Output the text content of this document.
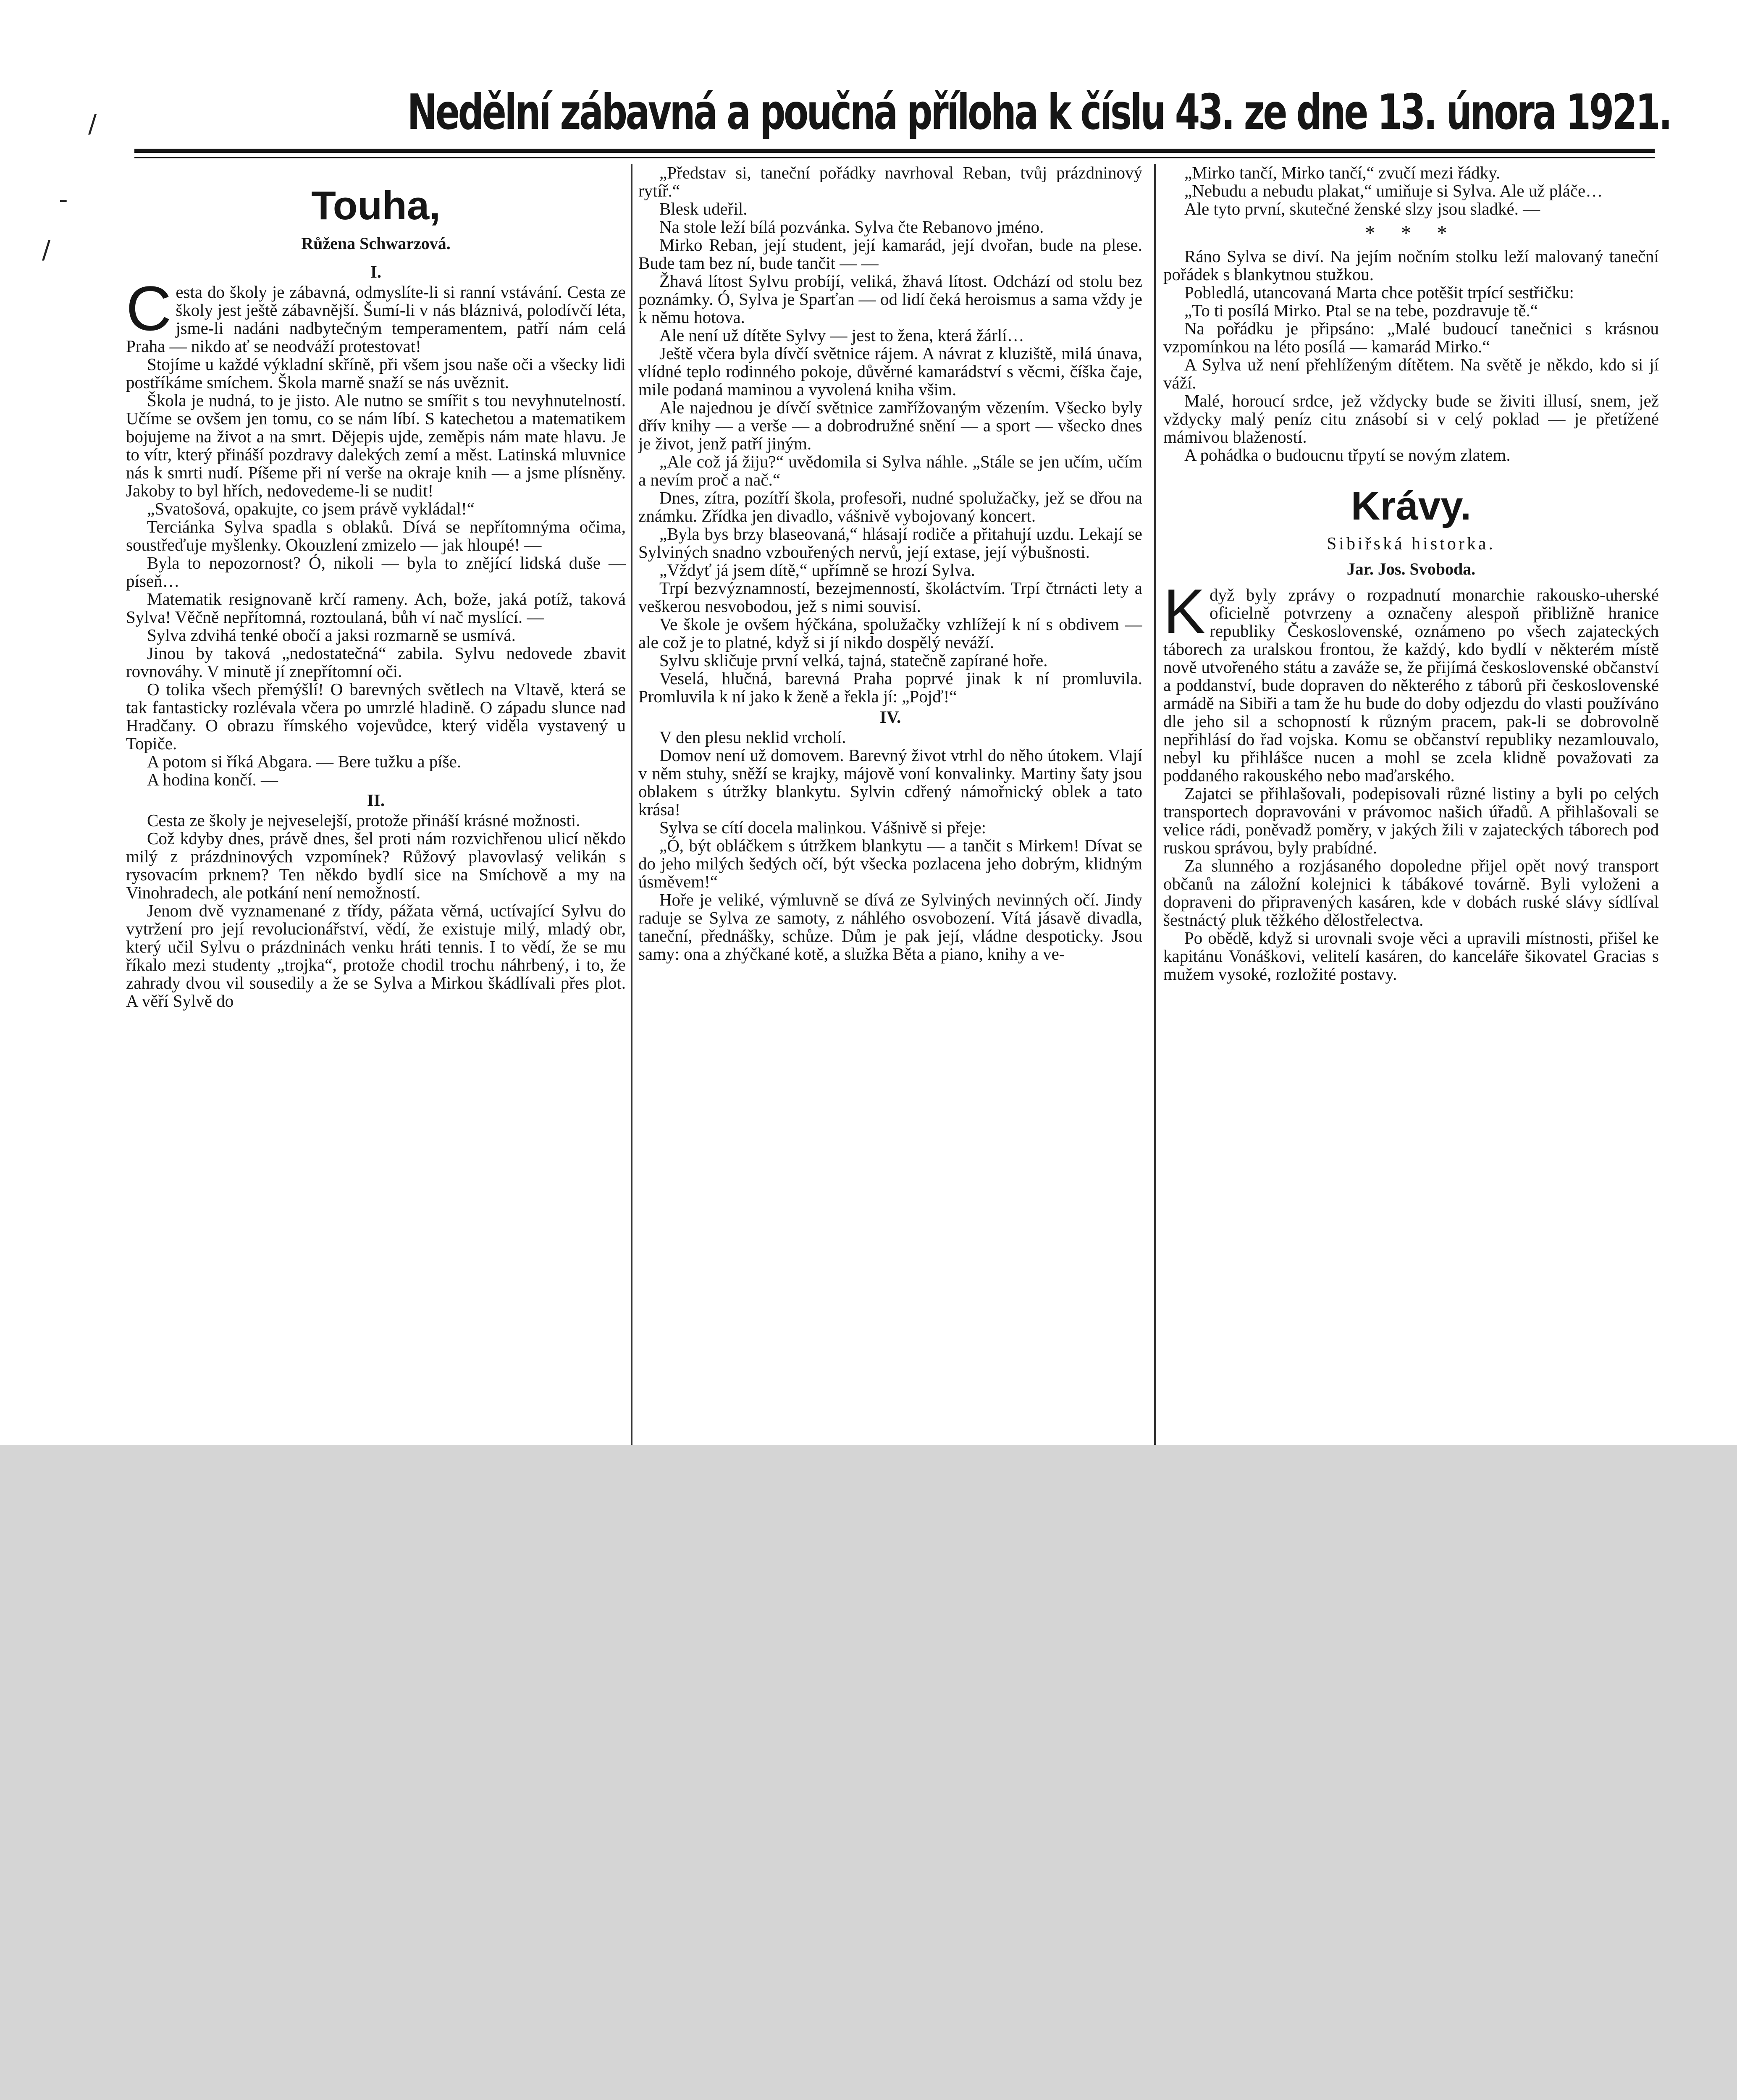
/
-
/
Nedělní zábavná a poučná příloha k číslu 43. ze dne 13. února 1921.
Touha,
Růžena Schwarzová.
I.

Cesta do školy je zábavná, odmyslíte-li si ranní vstávání. Cesta ze školy jest ještě zábavnější. Šumí-li v nás bláznivá, polodívčí léta, jsme-li nadáni nadbytečným temperamentem, patří nám celá Praha — nikdo ať se neodváží protestovat!

Stojíme u každé výkladní skříně, při všem jsou naše oči a všecky lidi postříkáme smíchem. Škola marně snaží se nás uvěznit.

Škola je nudná, to je jisto. Ale nutno se smířit s tou nevyhnutelností. Učíme se ovšem jen tomu, co se nám líbí. S katechetou a matematikem bojujeme na život a na smrt. Dějepis ujde, zeměpis nám mate hlavu. Je to vítr, který přináší pozdravy dalekých zemí a měst. Latinská mluvnice nás k smrti nudí. Píšeme při ní verše na okraje knih — a jsme plísněny. Jakoby to byl hřích, nedovedeme-li se nudit!

„Svatošová, opakujte, co jsem právě vykládal!“

Terciánka Sylva spadla s oblaků. Dívá se nepřítomnýma očima, soustřeďuje myšlenky. Okouzlení zmizelo — jak hloupé! —

Byla to nepozornost? Ó, nikoli — byla to znějící lidská duše — píseň…

Matematik resignovaně krčí rameny. Ach, bože, jaká potíž, taková Sylva! Věčně nepřítomná, roztoulaná, bůh ví nač myslící. —

Sylva zdvihá tenké obočí a jaksi rozmarně se usmívá.

Jinou by taková „nedostatečná“ zabila. Sylvu nedovede zbavit rovnováhy. V minutě jí znepřítomní oči.

O tolika všech přemýšlí! O barevných světlech na Vltavě, která se tak fantasticky rozlévala včera po umrzlé hladině. O západu slunce nad Hradčany. O obrazu římského vojevůdce, který viděla vystavený u Topiče.

A potom si říká Abgara. — Bere tužku a píše.

A hodina končí. —

II.

Cesta ze školy je nejveselejší, protože přináší krásné možnosti.

Což kdyby dnes, právě dnes, šel proti nám rozvichřenou ulicí někdo milý z prázdninových vzpomínek? Růžový plavovlasý velikán s rysovacím prknem? Ten někdo bydlí sice na Smíchově a my na Vinohradech, ale potkání není nemožností.

Jenom dvě vyznamenané z třídy, pážata věrná, uctívající Sylvu do vytržení pro její revolucionářství, vědí, že existuje milý, mladý obr, který učil Sylvu o prázdninách venku hráti tennis. I to vědí, že se mu říkalo mezi studenty „trojka“, protože chodil trochu náhrbený, i to, že zahrady dvou vil sousedily a že se Sylva a Mirkou škádlívali přes plot. A věří Sylvě do

„Představ si, taneční pořádky navrhoval Reban, tvůj prázdninový rytíř.“

Blesk udeřil.

Na stole leží bílá pozvánka. Sylva čte Rebanovo jméno.

Mirko Reban, její student, její kamarád, její dvořan, bude na plese. Bude tam bez ní, bude tančit — —

Žhavá lítost Sylvu probíjí, veliká, žhavá lítost. Odchází od stolu bez poznámky. Ó, Sylva je Sparťan — od lidí čeká heroismus a sama vždy je k němu hotova.

Ale není už dítěte Sylvy — jest to žena, která žárlí…

Ještě včera byla dívčí světnice rájem. A návrat z kluziště, milá únava, vlídné teplo rodinného pokoje, důvěrné kamarádství s věcmi, číška čaje, mile podaná maminou a vyvolená kniha všim.

Ale najednou je dívčí světnice zamřížovaným vězením. Všecko byly dřív knihy — a verše — a dobrodružné snění — a sport — všecko dnes je život, jenž patří jiným.

„Ale což já žiju?“ uvědomila si Sylva náhle. „Stále se jen učím, učím a nevím proč a nač.“

Dnes, zítra, pozítří škola, profesoři, nudné spolužačky, jež se dřou na známku. Zřídka jen divadlo, vášnivě vybojovaný koncert.

„Byla bys brzy blaseovaná,“ hlásají rodiče a přitahují uzdu. Lekají se Sylviných snadno vzbouřených nervů, její extase, její výbušnosti.

„Vždyť já jsem dítě,“ upřímně se hrozí Sylva.

Trpí bezvýznamností, bezejmenností, školáctvím. Trpí čtrnácti lety a veškerou nesvobodou, jež s nimi souvisí.

Ve škole je ovšem hýčkána, spolužačky vzhlížejí k ní s obdivem — ale což je to platné, když si jí nikdo dospělý neváží.

Sylvu skličuje první velká, tajná, statečně zapírané hoře.

Veselá, hlučná, barevná Praha poprvé jinak k ní promluvila. Promluvila k ní jako k ženě a řekla jí: „Pojď!“

IV.

V den plesu neklid vrcholí.

Domov není už domovem. Barevný život vtrhl do něho útokem. Vlají v něm stuhy, sněží se krajky, májově voní konvalinky. Martiny šaty jsou oblakem s útržky blankytu. Sylvin cdřený námořnický oblek a tato krása!

Sylva se cítí docela malinkou. Vášnivě si přeje:

„Ó, být obláčkem s útržkem blankytu — a tančit s Mirkem! Dívat se do jeho milých šedých očí, být všecka pozlacena jeho dobrým, klidným úsměvem!“

Hoře je veliké, výmluvně se dívá ze Sylviných nevinných očí. Jindy raduje se Sylva ze samoty, z náhlého osvobození. Vítá jásavě divadla, taneční, přednášky, schůze. Dům je pak její, vládne despoticky. Jsou samy: ona a zhýčkané kotě, a služka Běta a piano, knihy a ve-

„Mirko tančí, Mirko tančí,“ zvučí mezi řádky.

„Nebudu a nebudu plakat,“ umiňuje si Sylva. Ale už pláče…

Ale tyto první, skutečné ženské slzy jsou sladké. —

* * *

Ráno Sylva se diví. Na jejím nočním stolku leží malovaný taneční pořádek s blankytnou stužkou.

Pobledlá, utancovaná Marta chce potěšit trpící sestřičku:

„To ti posílá Mirko. Ptal se na tebe, pozdravuje tě.“

Na pořádku je připsáno: „Malé budoucí tanečnici s krásnou vzpomínkou na léto posílá — kamarád Mirko.“

A Sylva už není přehlíženým dítětem. Na světě je někdo, kdo si jí váží.

Malé, horoucí srdce, jež vždycky bude se živiti illusí, snem, jež vždycky malý peníz citu znásobí si v celý poklad — je přetížené mámivou blažeností.

A pohádka o budoucnu třpytí se novým zlatem.

Krávy.
Sibiřská historka.
Jar. Jos. Svoboda.

Když byly zprávy o rozpadnutí monarchie rakousko-uherské oficielně potvrzeny a označeny alespoň přibližně hranice republiky Československé, oznámeno po všech zajateckých táborech za uralskou frontou, že každý, kdo bydlí v některém místě nově utvořeného státu a zaváže se, že přijímá československé občanství a poddanství, bude dopraven do některého z táborů při československé armádě na Sibiři a tam že hu bude do doby odjezdu do vlasti používáno dle jeho sil a schopností k různým pracem, pak-li se dobrovolně nepřihlásí do řad vojska. Komu se občanství republiky nezamlouvalo, nebyl ku přihlášce nucen a mohl se zcela klidně považovati za poddaného rakouského nebo maďarského.

Zajatci se přihlašovali, podepisovali různé listiny a byli po celých transportech dopravováni v právomoc našich úřadů. A přihlašovali se velice rádi, poněvadž poměry, v jakých žili v zajateckých táborech pod ruskou správou, byly prabídné.

Za slunného a rozjásaného dopoledne přijel opět nový transport občanů na záložní kolejnici k tábákové továrně. Byli vyloženi a dopraveni do připravených kasáren, kde v dobách ruské slávy sídlíval šestnáctý pluk těžkého dělostřelectva.

Po obědě, když si urovnali svoje věci a upravili místnosti, přišel ke kapitánu Vonáškovi, velitelí kasáren, do kanceláře šikovatel Gracias s mužem vysoké, rozložité postavy.
